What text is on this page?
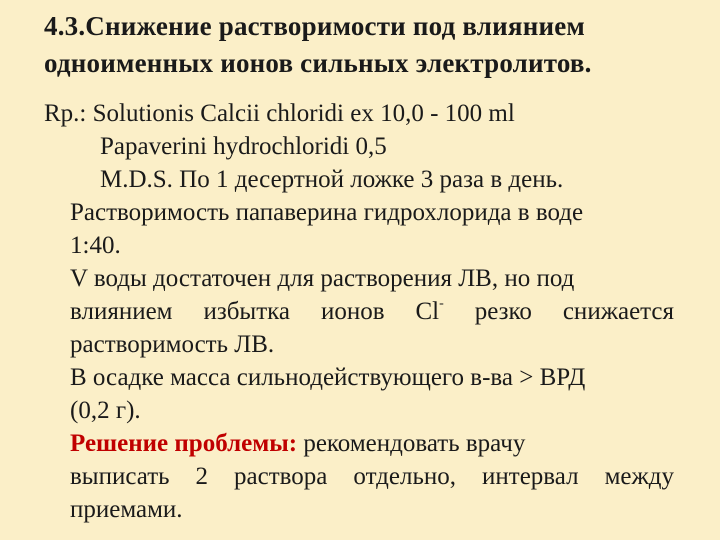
4.3.Снижение растворимости под влиянием
одноименных ионов сильных электролитов.
Rp.: Solutionis Calcii chloridi ex 10,0 - 100 ml
Papaverini hydrochloridi 0,5
M.D.S. По 1 десертной ложке 3 раза в день.
Растворимость папаверина гидрохлорида в воде
1:40.
V воды достаточен для растворения ЛВ, но под
влиянием избытка ионов Cl- резко снижается
растворимость ЛВ.
В осадке масса сильнодействующего в-ва > ВРД
(0,2 г).
Решение проблемы: рекомендовать врачу
выписать 2 раствора отдельно, интервал между
приемами.
